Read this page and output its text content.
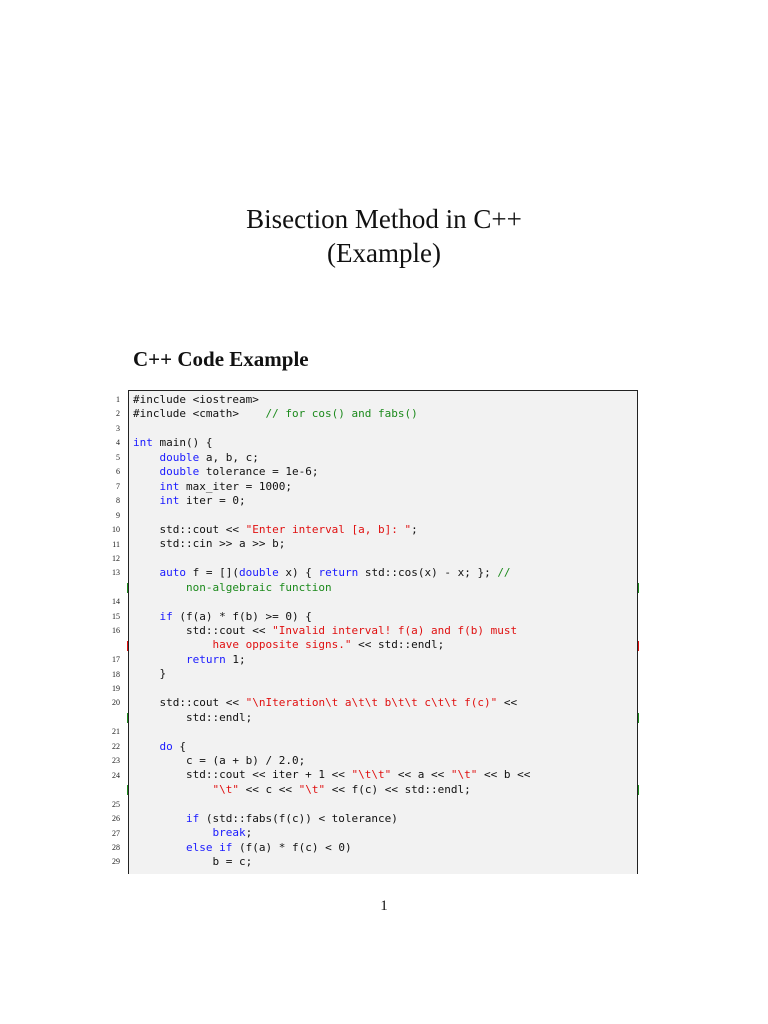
Bisection Method in C++
(Example)
C++ Code Example
#include <iostream>
#include <cmath>    // for cos() and fabs()
int main() {
double a, b, c;
double tolerance = 1e-6;
int max_iter = 1000;
int iter = 0;
std::cout << "Enter interval [a, b]: ";
std::cin >> a >> b;
auto f = [](double x) { return std::cos(x) - x; }; //
non-algebraic function
if (f(a) * f(b) >= 0) {
std::cout << "Invalid interval! f(a) and f(b) must
have opposite signs." << std::endl;
return 1;
}
std::cout << "\nIteration\t a\t\t b\t\t c\t\t f(c)" <<
std::endl;
do {
c = (a + b) / 2.0;
std::cout << iter + 1 << "\t\t" << a << "\t" << b <<
"\t" << c << "\t" << f(c) << std::endl;
if (std::fabs(f(c)) < tolerance)
break;
else if (f(a) * f(c) < 0)
b = c;
1
2
3
4
5
6
7
8
9
10
11
12
13
14
15
16
17
18
19
20
21
22
23
24
25
26
27
28
29

1
